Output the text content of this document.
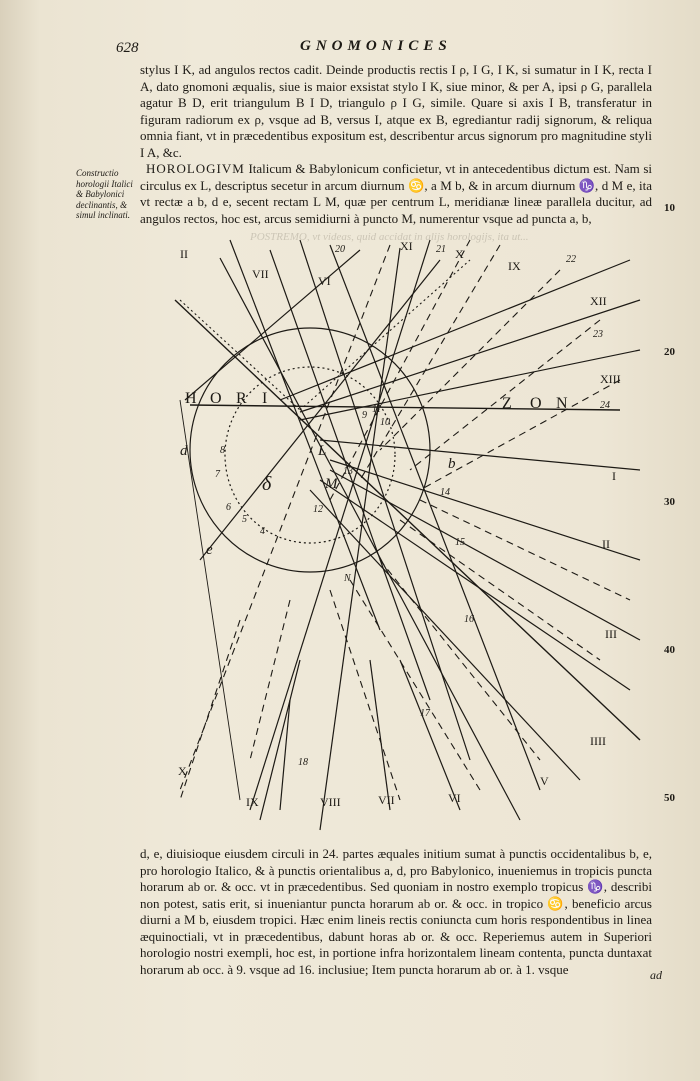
POSTREMO, vt videas, quid accidat in alijs horologijs, ita ut...
628	GNOMONICES

stylus I K, ad angulos rectos cadit. Deinde productis rectis I ρ, I G, I K, si sumatur in I K, recta I A, dato gnomoni æqualis, siue is maior exsistat stylo I K, siue minor, & per A, ipsi ρ G, parallela agatur B D, erit triangulum B I D, triangulo ρ I G, simile. Quare si axis I B, transferatur in figuram radiorum ex ρ, vsque ad B, versus I, atque ex B, egrediantur radij signorum, & reliqua omnia fiant, vt in præcedentibus expositum est, describentur arcus signorum pro magnitudine styli I A, &c.

HOROLOGIVM Italicum & Babylonicum conficietur, vt in antecedentibus dictum est. Nam si circulus ex L, descriptus secetur in arcum diurnum ♋, a M b, & in arcum diurnum ♑, d M e, ita vt rectæ a b, d e, secent rectam L M, quæ per centrum L, meridianæ lineæ parallela ducitur, ad angulos rectos, hoc est, arcus semidiurni à puncto M, numerentur vsque ad puncta a, b,

Constructio horologii Italici & Babylonici declinantis, & simul inclinati.
10
20
30
40
50
H O R I	Z O N
XI
X
IX
XII
XIII
VI
VII
II
I
II
III
IIII
V
IX	VIII	VII	VI
X
24
23
22
21
20
14
15
16
17
18
12
13
11
10
9
8
7
6
5
4
L
M
b
d
e
δ
N

d, e, diuisioque eiusdem circuli in 24. partes æquales initium sumat à punctis occidentalibus b, e, pro horologio Italico, & à punctis orientalibus a, d, pro Babylonico, inueniemus in tropicis puncta horarum ab or. & occ. vt in præcedentibus. Sed quoniam in nostro exemplo tropicus ♑, describi non potest, satis erit, si inueniantur puncta horarum ab or. & occ. in tropico ♋, beneficio arcus diurni a M b, eiusdem tropici. Hæc enim lineis rectis coniuncta cum horis respondentibus in linea æquinoctiali, vt in præcedentibus, dabunt horas ab or. & occ. Reperiemus autem in Superiori horologio nostri exempli, hoc est, in portione infra horizontalem lineam contenta, puncta duntaxat horarum ab occ. à 9. vsque ad 16. inclusiue; Item puncta horarum ab or. à 1. vsque	ad
